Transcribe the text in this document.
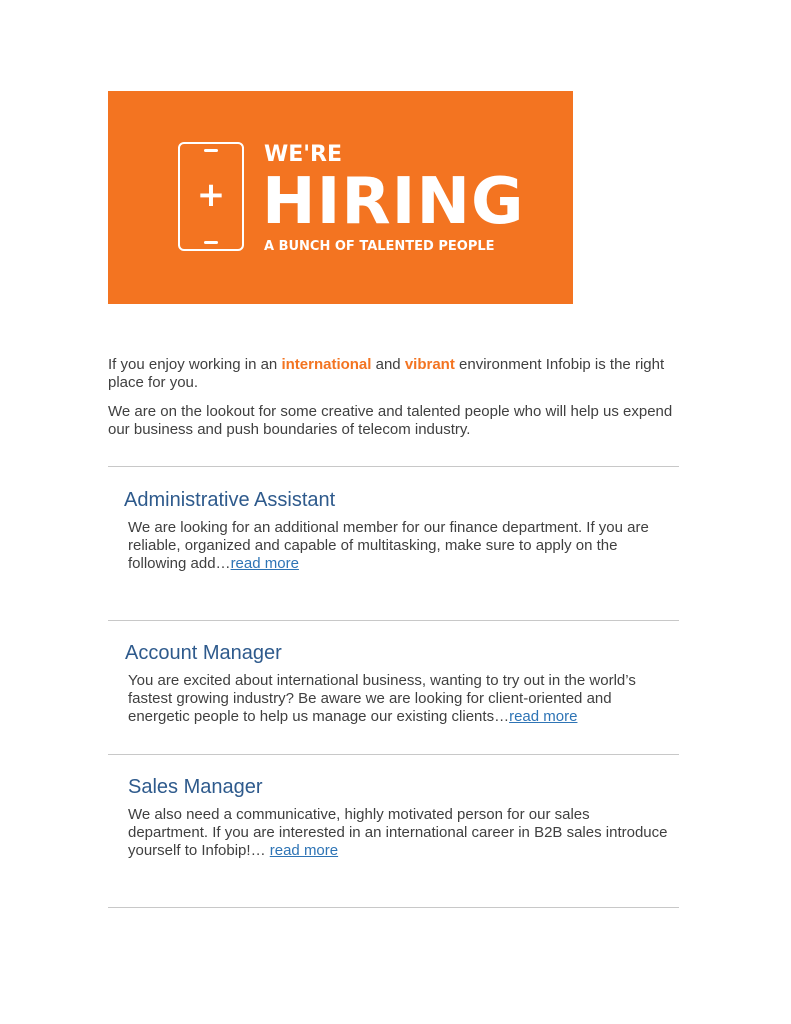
+
WE'RE
HIRING
A BUNCH OF TALENTED PEOPLE

If you enjoy working in an international and vibrant environment Infobip is the right place for you.

We are on the lookout for some creative and talented people who will help us expend our business and push boundaries of telecom industry.

Administrative Assistant

We are looking for an additional member for our finance department. If you are reliable, organized and capable of multitasking, make sure to apply on the following add…read more

Account Manager

You are excited about international business, wanting to try out in the world’s fastest growing industry? Be aware we are looking for client-oriented and energetic people to help us manage our existing clients…read more

Sales Manager

We also need a communicative, highly motivated person for our sales department. If you are interested in an international career in B2B sales introduce yourself to Infobip!… read more
